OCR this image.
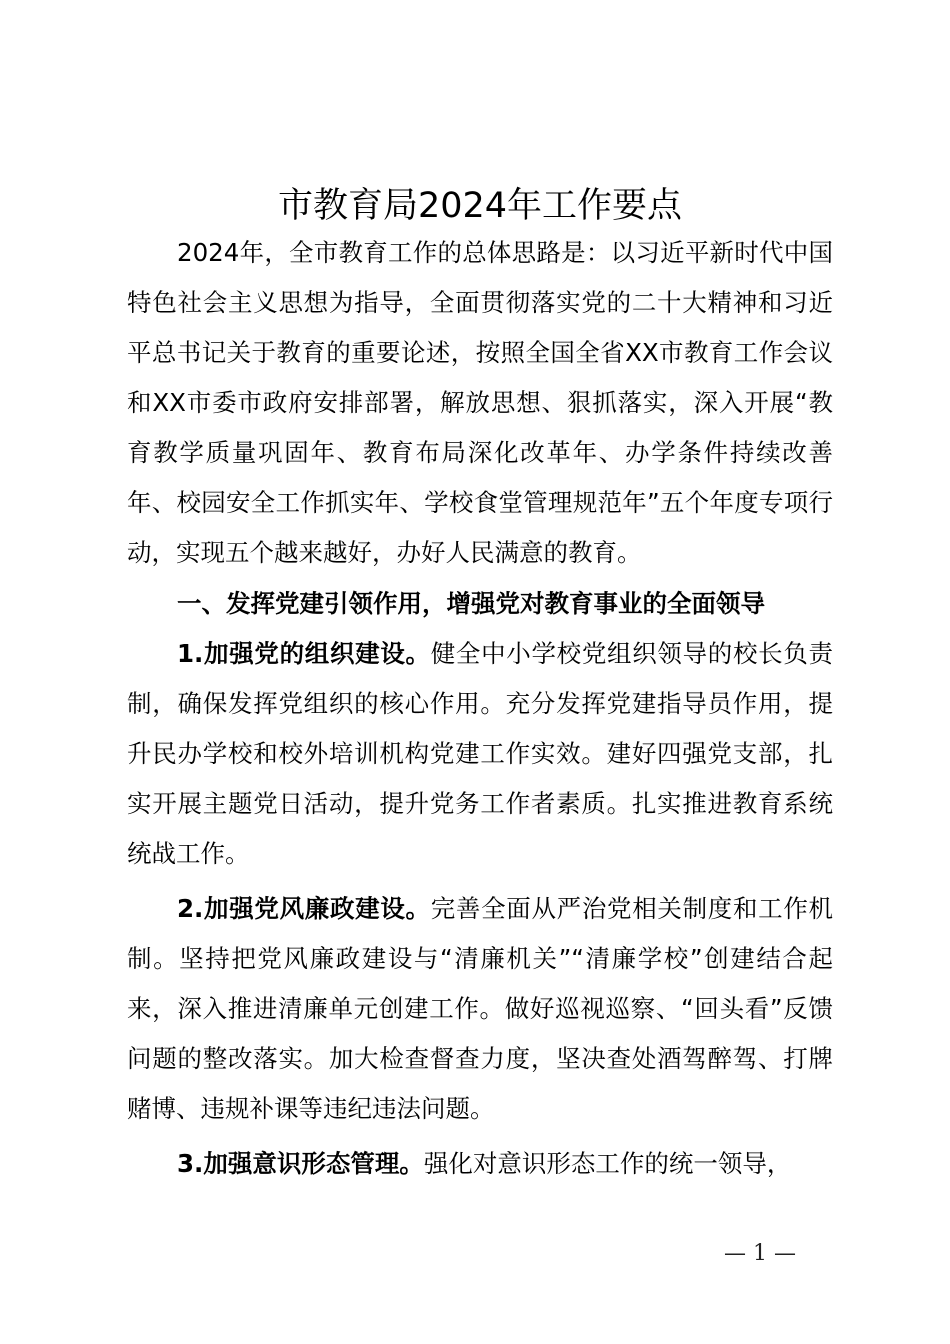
市教育局2024年工作要点

2024年，全市教育工作的总体思路是：以习近平新时代中国特色社会主义思想为指导，全面贯彻落实党的二十大精神和习近平总书记关于教育的重要论述，按照全国全省XX市教育工作会议和XX市委市政府安排部署，解放思想、狠抓落实，深入开展“教育教学质量巩固年、教育布局深化改革年、办学条件持续改善年、校园安全工作抓实年、学校食堂管理规范年”五个年度专项行动，实现五个越来越好，办好人民满意的教育。

一、发挥党建引领作用，增强党对教育事业的全面领导

1.加强党的组织建设。健全中小学校党组织领导的校长负责制，确保发挥党组织的核心作用。充分发挥党建指导员作用，提升民办学校和校外培训机构党建工作实效。建好四强党支部，扎实开展主题党日活动，提升党务工作者素质。扎实推进教育系统统战工作。

2.加强党风廉政建设。完善全面从严治党相关制度和工作机制。坚持把党风廉政建设与“清廉机关”“清廉学校”创建结合起来，深入推进清廉单元创建工作。做好巡视巡察、“回头看”反馈问题的整改落实。加大检查督查力度，坚决查处酒驾醉驾、打牌赌博、违规补课等违纪违法问题。

3.加强意识形态管理。强化对意识形态工作的统一领导，

— 1 —
